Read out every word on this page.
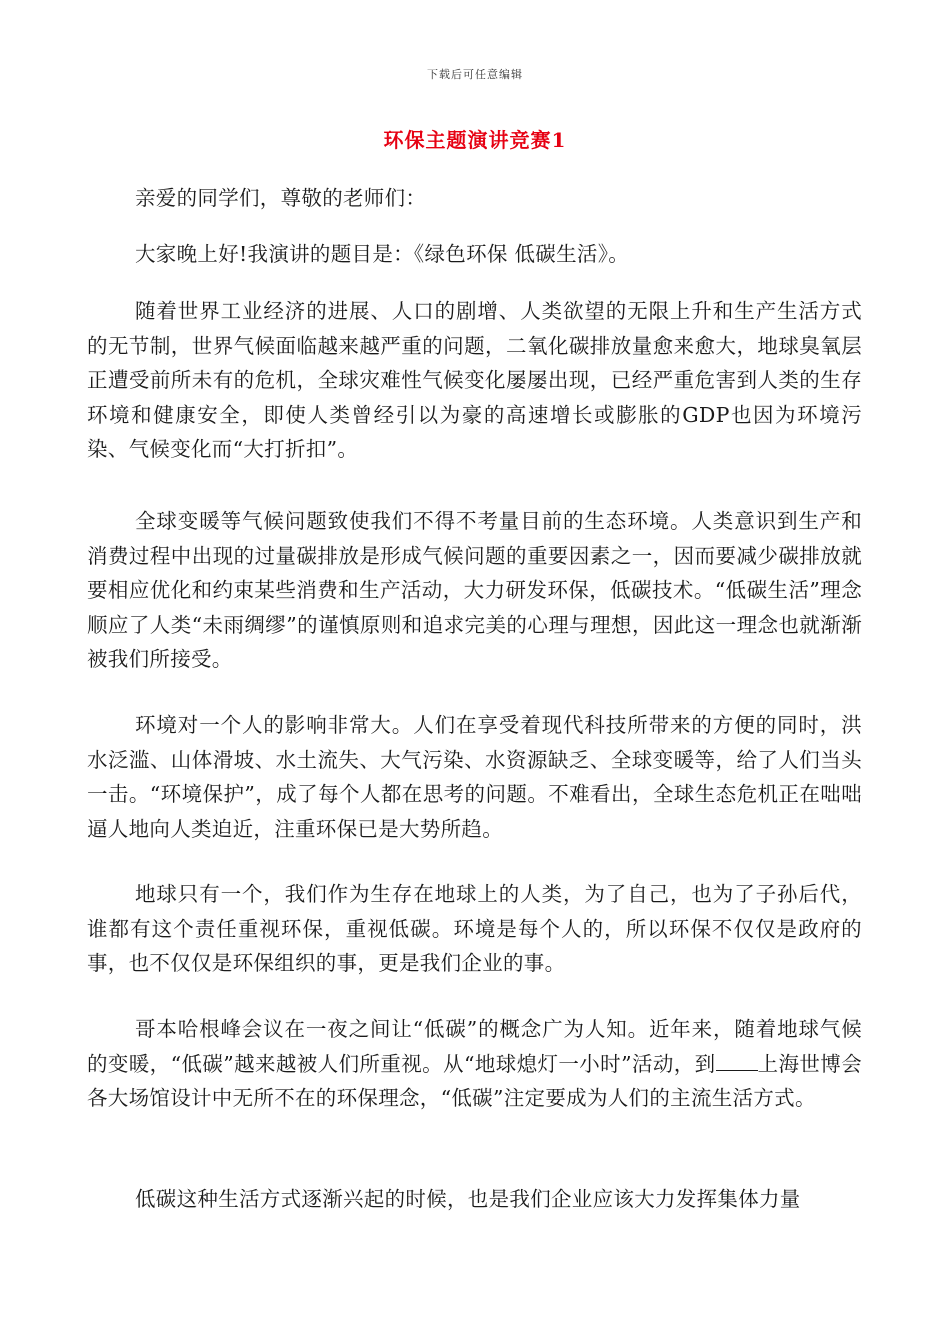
下载后可任意编辑
环保主题演讲竞赛1

亲爱的同学们，尊敬的老师们：

大家晚上好!我演讲的题目是：《绿色环保 低碳生活》。

随着世界工业经济的进展、人口的剧增、人类欲望的无限上升和生产生活方式的无节制，世界气候面临越来越严重的问题，二氧化碳排放量愈来愈大，地球臭氧层正遭受前所未有的危机，全球灾难性气候变化屡屡出现，已经严重危害到人类的生存环境和健康安全，即使人类曾经引以为豪的高速增长或膨胀的GDP也因为环境污染、气候变化而“大打折扣”。

全球变暖等气候问题致使我们不得不考量目前的生态环境。人类意识到生产和消费过程中出现的过量碳排放是形成气候问题的重要因素之一，因而要减少碳排放就要相应优化和约束某些消费和生产活动，大力研发环保，低碳技术。“低碳生活”理念顺应了人类“未雨绸缪”的谨慎原则和追求完美的心理与理想，因此这一理念也就渐渐被我们所接受。

环境对一个人的影响非常大。人们在享受着现代科技所带来的方便的同时，洪水泛滥、山体滑坡、水土流失、大气污染、水资源缺乏、全球变暖等，给了人们当头一击。“环境保护”，成了每个人都在思考的问题。不难看出，全球生态危机正在咄咄逼人地向人类迫近，注重环保已是大势所趋。

地球只有一个，我们作为生存在地球上的人类，为了自己，也为了子孙后代，谁都有这个责任重视环保，重视低碳。环境是每个人的，所以环保不仅仅是政府的事，也不仅仅是环保组织的事，更是我们企业的事。

哥本哈根峰会议在一夜之间让“低碳”的概念广为人知。近年来，随着地球气候的变暖，“低碳”越来越被人们所重视。从“地球熄灯一小时”活动，到 上海世博会各大场馆设计中无所不在的环保理念，“低碳”注定要成为人们的主流生活方式。

低碳这种生活方式逐渐兴起的时候，也是我们企业应该大力发挥集体力量
